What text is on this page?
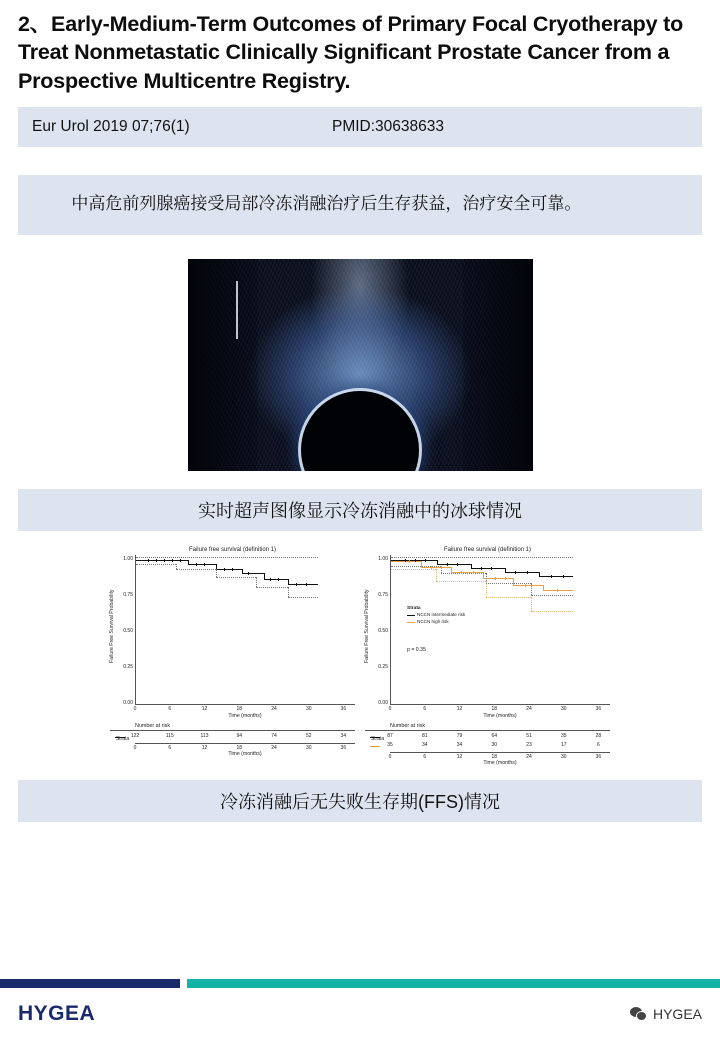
2、Early-Medium-Term Outcomes of Primary Focal Cryotherapy to Treat Nonmetastatic Clinically Significant Prostate Cancer from a Prospective Multicentre Registry.
Eur Urol 2019 07;76(1)	PMID:30638633
中高危前列腺癌接受局部冷冻消融治疗后生存获益，治疗安全可靠。
实时超声图像显示冷冻消融中的冰球情况
Failure free survival (definition 1)
Failure Free Survival Probability
1.00
0.75
0.50
0.25
0.00
0	6	12	18	24	30	36
Time (months)
Number at risk
Strata 122	115	113	94	74	52	34
0	6	12	18	24	30	36
Time (months)
Failure free survival (definition 1)
Failure Free Survival Probability
1.00
0.75
0.50
0.25
0.00
Strata
NCCN intermediate risk
NCCN high risk
p = 0.35
0	6	12	18	24	30	36
Time (months)
Number at risk
Strata 87	81	79	64	51	35	28
35	34	34	30	23	17	6
0	6	12	18	24	30	36
Time (months)
冷冻消融后无失败生存期(FFS)情况
HYGEA	HYGEA
